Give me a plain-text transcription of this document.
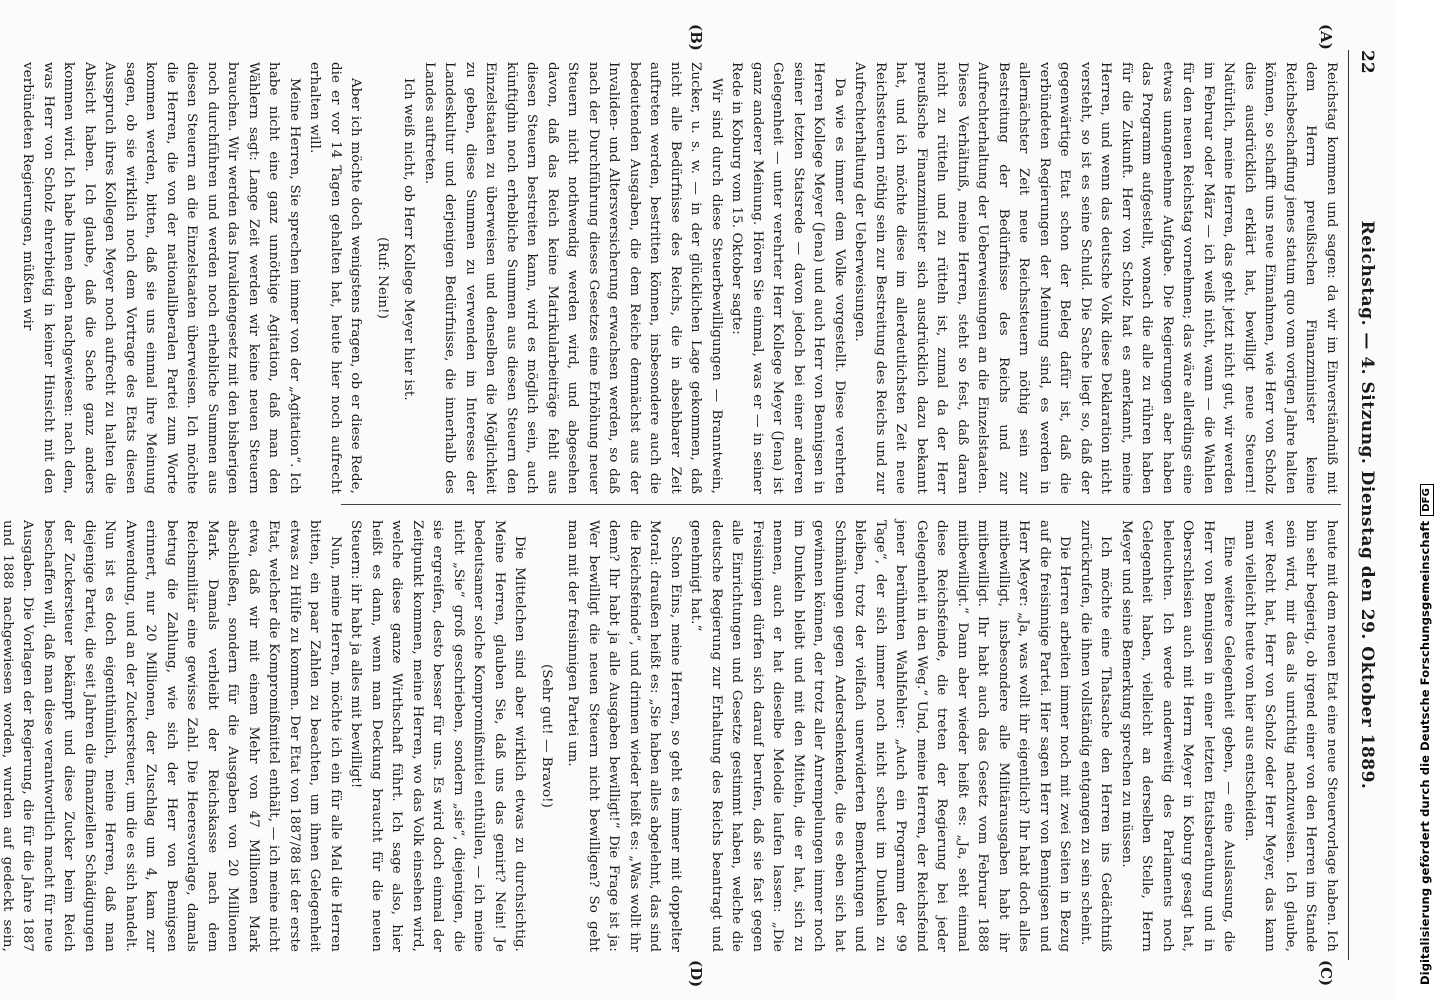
22
Reichstag. — 4. Sitzung. Dienstag den 29. Oktober 1889.
(A)
(B)
(C)
(D)

Reichstag kommen und sagen: da wir im Einverständniß mit dem Herrn preußischen Finanzminister keine Reichsbeschaffung jenes statum quo vom vorigen Jahre halten können, so schafft uns neue Einnahmen, wie Herr von Scholz dies ausdrücklich erklärt hat, bewilligt neue Steuern! Natürlich, meine Herren, das geht jetzt nicht gut, wir werden im Februar oder März — ich weiß nicht, wann — die Wahlen für den neuen Reichstag vornehmen; das wäre allerdings eine etwas unangenehme Aufgabe. Die Regierungen aber haben das Programm aufgestellt, wonach die alle zu rühren haben für die Zukunft. Herr von Scholz hat es anerkannt, meine Herren, und wenn das deutsche Volk diese Deklaration nicht versteht, so ist es seine Schuld. Die Sache liegt so, daß der gegenwärtige Etat schon der Beleg dafür ist, daß die verbündeten Regierungen der Meinung sind, es werden in allernächster Zeit neue Reichssteuern nöthig sein zur Bestreitung der Bedürfnisse des Reichs und zur Aufrechterhaltung der Ueberweisungen an die Einzelstaaten. Dieses Verhältniß, meine Herren, steht so fest, daß daran nicht zu rütteln und zu rütteln ist, zumal da der Herr preußische Finanzminister sich ausdrücklich dazu bekannt hat, und ich möchte diese im allerdeutlichsten Zeit neue Reichssteuern nöthig sein zur Bestreitung des Reichs und zur Aufrechterhaltung der Ueberweisungen.

Da wie es immer dem Volke vorgestellt. Diese verehrten Herren Kollege Meyer (Jena) und auch Herr von Bennigsen in seiner letzten Statsrede — davon jedoch bei einer anderen Gelegenheit — unter verehrter Herr Kollege Meyer (Jena) ist ganz anderer Meinung. Hören Sie einmal, was er — in seiner Rede in Koburg vom 15. Oktober sagte:

Wir sind durch diese Steuerbewilligungen — Branntwein, Zucker, u. s. w. — in der glücklichen Lage gekommen, daß nicht alle Bedürfnisse des Reichs, die in absehbarer Zeit auftreten werden, bestritten können, insbesondere auch die bedeutenden Ausgaben, die dem Reiche demnächst aus der Invaliden- und Altersversicherung erwachsen werden, so daß nach der Durchführung dieses Gesetzes eine Erhöhung neuer Steuern nicht nothwendig werden wird, und abgesehen davon, daß das Reich keine Matrikularbeiträge fehlt aus diesen Steuern bestreiten kann, wird es möglich sein, auch künftighin noch erhebliche Summen aus diesen Steuern den Einzelstaaten zu überweisen und denselben die Möglichkeit zu geben, diese Summen zu verwenden im Interesse der Landeskultur und derjenigen Bedürfnisse, die innerhalb des Landes auftreten.

Ich weiß nicht, ob Herr Kollege Meyer hier ist.

(Ruf: Nein!)

Aber ich möchte doch wenigstens fragen, ob er diese Rede, die er vor 14 Tagen gehalten hat, heute hier noch aufrecht erhalten will.

Meine Herren, Sie sprechen immer von der „Agitation“. Ich habe nicht eine ganz unnöthige Agitation, daß man den Wählern sagt: Lange Zeit werden wir keine neuen Steuern brauchen. Wir werden das Invalidengesetz mit den bisherigen noch durchführen und werden noch erhebliche Summen aus diesen Steuern an die Einzelstaaten überweisen. Ich möchte die Herren, die von der nationalliberalen Partei zum Worte kommen werden, bitten, daß sie uns einmal ihre Meinung sagen, ob sie wirklich noch dem Vortrage des Etats diesen Ausspruch ihres Kollegen Meyer noch aufrecht zu halten die Absicht haben. Ich glaube, daß die Sache ganz anders kommen wird. Ich habe Ihnen eben nachgewiesen: nach dem, was Herr von Scholz ehrerbietig in keiner Hinsicht mit den verbündeten Regierungen, müßten wir

heute mit dem neuen Etat eine neue Steuervorlage haben. Ich bin sehr begierig, ob irgend einer von den Herren im Stande sein wird, mir das als unrichtig nachzuweisen. Ich glaube, wer Recht hat, Herr von Scholz oder Herr Meyer, das kann man vielleicht heute von hier aus entscheiden.

Eine weitere Gelegenheit geben, — eine Auslassung, die Herr von Bennigsen in einer letzten Etatsberathung und in Oberschlesien auch mit Herrn Meyer in Koburg gesagt hat, beleuchten. Ich werde anderweitig des Parlaments noch Gelegenheit haben, vielleicht an derselben Stelle, Herrn Meyer und seine Bemerkung sprechen zu müssen.

Ich möchte eine Thatsache den Herren ins Gedächtniß zurückrufen, die ihnen vollständig entgangen zu sein scheint.

Die Herren arbeiten immer noch mit zwei Seiten in Bezug auf die freisinnige Partei. Hier sagen Herr von Bennigsen und Herr Meyer: „Ja, was wollt ihr eigentlich? Ihr habt doch alles mitbewilligt, insbesondere alle Militärausgaben habt ihr mitbewilligt. Ihr habt auch das Gesetz vom Februar 1888 mitbewilligt.“ Dann aber wieder heißt es: „Ja, seht einmal diese Reichsfeinde, die treten der Regierung bei jeder Gelegenheit in den Weg.“ Und, meine Herren, der Reichsfeind jener berühmten Wahlfehler: „Auch ein Programm der 99 Tage“, der sich immer noch nicht scheut im Dunkeln zu bleiben, trotz der vielfach unerwiderten Bemerkungen und Schmähungen gegen Andersdenkende, die es eben sich hat gewinnen können, der trotz aller Anrempelungen immer noch im Dunkeln bleibt und mit den Mitteln, die er hat, sich zu nennen, auch er hat dieselbe Melodie laufen lassen: „Die Freisinnigen dürfen sich darauf berufen, daß sie fast gegen alle Einrichtungen und Gesetze gestimmt haben, welche die deutsche Regierung zur Erhaltung des Reichs beantragt und genehmigt hat.“

Schon Eins, meine Herren, so geht es immer mit doppelter Moral: draußen heißt es: „Sie haben alles abgelehnt, das sind die Reichsfeinde“, und drinnen wieder heißt es: „Was wollt ihr denn? Ihr habt ja alle Ausgaben bewilligt!“ Die Frage ist ja: Wer bewilligt die neuen Steuern nicht bewilligen? So geht man mit der freisinnigen Partei um.

(Sehr gut! — Bravo!)

Die Mittelchen sind aber wirklich etwas zu durchsichtig. Meine Herren, glauben Sie, daß uns das genirt? Nein! Je bedeutsamer solche Kompromißmittel enthüllen, — ich meine nicht „Sie“ groß geschrieben, sondern „sie“, diejenigen, die sie ergreifen, desto besser für uns. Es wird doch einmal der Zeitpunkt kommen, meine Herren, wo das Volk einsehen wird, welche diese ganze Wirthschaft führt. Ich sage also, hier heißt es dann, wenn man Deckung braucht für die neuen Steuern: ihr habt ja alles mit bewilligt!

Nun, meine Herren, möchte ich ein für alle Mal die Herren bitten, ein paar Zahlen zu beachten, um ihnen Gelegenheit etwas zu Hülfe zu kommen. Der Etat von 1887/88 ist der erste Etat, welcher die Kompromißmittel enthält, — ich meine nicht etwa, daß wir mit einem Mehr von 47 Millionen Mark abschließen, sondern für die Ausgaben von 20 Millionen Mark. Damals verbleibt der Reichskasse nach dem Reichsmilitär eine gewisse Zahl. Die Heeresvorlage, damals betrug die Zahlung, wie sich der Herr von Bennigsen erinnert, nur 20 Millionen, der Zuschlag um 4, kam zur Anwendung, und an der Zuckersteuer, um die es sich handelt. Nun ist es doch eigenthümlich, meine Herren, daß man diejenige Partei, die seit Jahren die finanziellen Schädigungen der Zuckersteuer bekämpft und diese Zucker beim Reich beschaffen will, daß man diese verantwortlich macht für neue Ausgaben. Die Vorlagen der Regierung, die für die Jahre 1887 und 1888 nachgewiesen worden, wurden auf gedeckt sein,	Digitalisierung gefördert durch die Deutsche ForschungsgemeinschaftDFG
